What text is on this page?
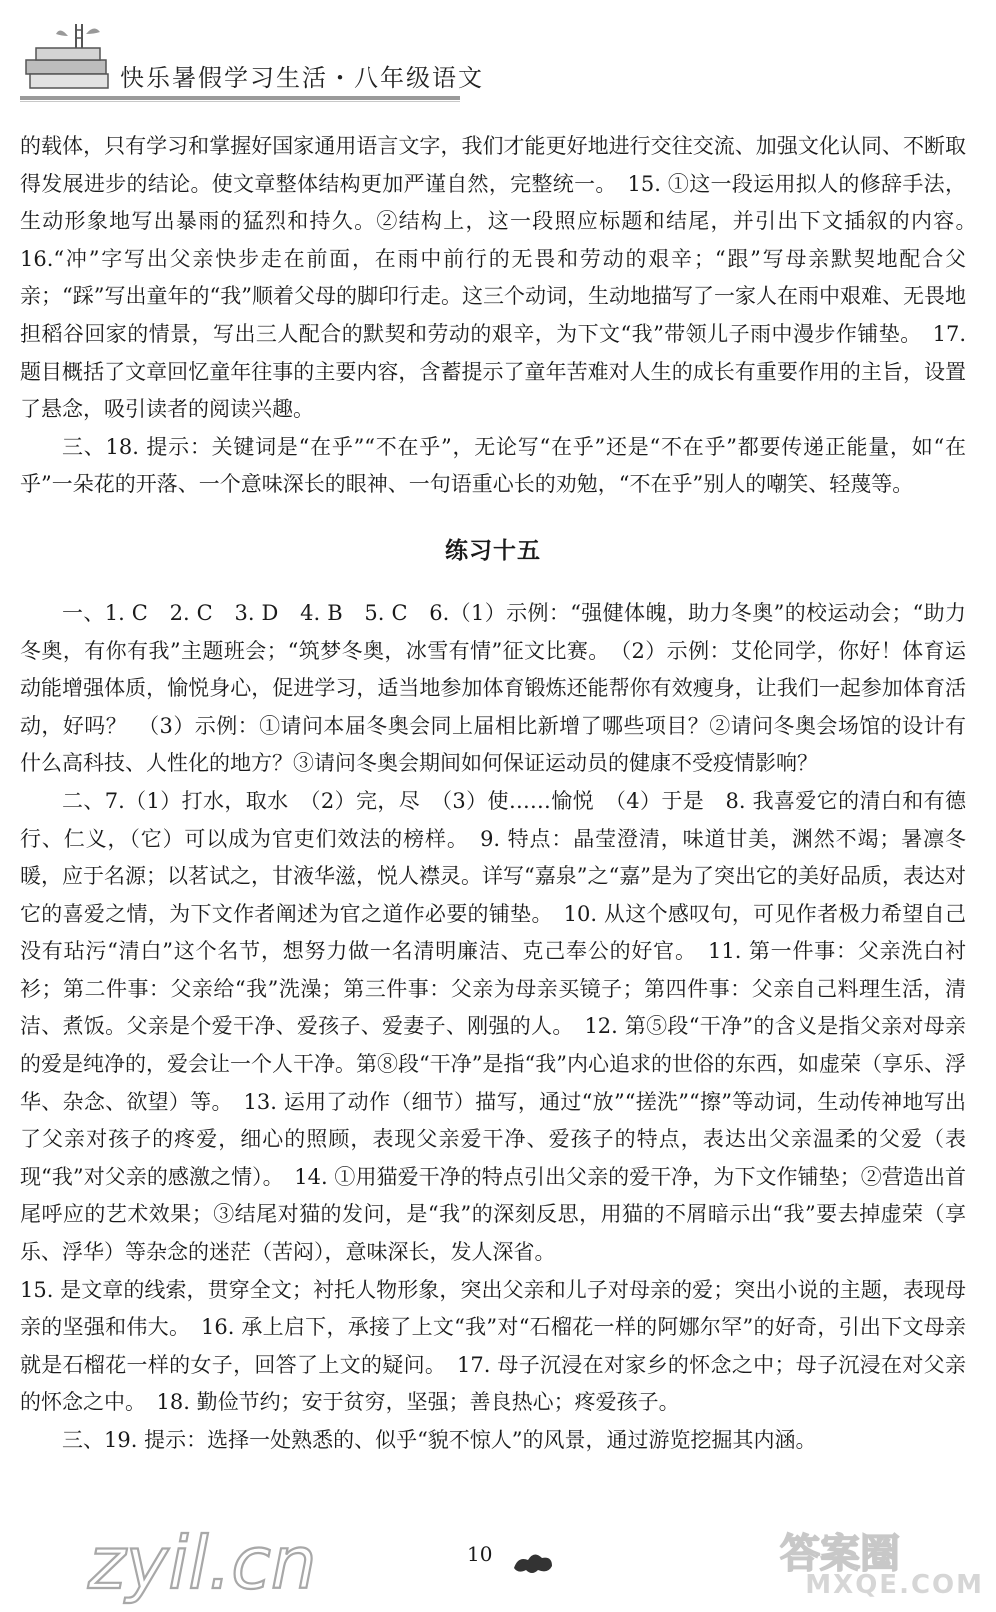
快乐暑假学习生活・八年级语文

的载体，只有学习和掌握好国家通用语言文字，我们才能更好地进行交往交流、加强文化认同、不断取得发展进步的结论。使文章整体结构更加严谨自然，完整统一。　15. ①这一段运用拟人的修辞手法，生动形象地写出暴雨的猛烈和持久。②结构上，这一段照应标题和结尾，并引出下文插叙的内容。　16.“冲”字写出父亲快步走在前面，在雨中前行的无畏和劳动的艰辛；“跟”写母亲默契地配合父亲；“踩”写出童年的“我”顺着父母的脚印行走。这三个动词，生动地描写了一家人在雨中艰难、无畏地担稻谷回家的情景，写出三人配合的默契和劳动的艰辛，为下文“我”带领儿子雨中漫步作铺垫。　17. 题目概括了文章回忆童年往事的主要内容，含蓄提示了童年苦难对人生的成长有重要作用的主旨，设置了悬念，吸引读者的阅读兴趣。

三、18. 提示：关键词是“在乎”“不在乎”，无论写“在乎”还是“不在乎”都要传递正能量，如“在乎”一朵花的开落、一个意味深长的眼神、一句语重心长的劝勉，“不在乎”别人的嘲笑、轻蔑等。

练习十五

一、1. C　2. C　3. D　4. B　5. C　6.（1）示例：“强健体魄，助力冬奥”的校运动会；“助力冬奥，有你有我”主题班会；“筑梦冬奥，冰雪有情”征文比赛。　（2）示例：艾伦同学，你好！体育运动能增强体质，愉悦身心，促进学习，适当地参加体育锻炼还能帮你有效瘦身，让我们一起参加体育活动，好吗？　（3）示例：①请问本届冬奥会同上届相比新增了哪些项目？②请问冬奥会场馆的设计有什么高科技、人性化的地方？③请问冬奥会期间如何保证运动员的健康不受疫情影响？

二、7.（1）打水，取水　（2）完，尽　（3）使……愉悦　（4）于是　8. 我喜爱它的清白和有德行、仁义，（它）可以成为官吏们效法的榜样。　9. 特点：晶莹澄清，味道甘美，渊然不竭；暑凛冬暖，应于名源；以茗试之，甘液华滋，悦人襟灵。详写“嘉泉”之“嘉”是为了突出它的美好品质，表达对它的喜爱之情，为下文作者阐述为官之道作必要的铺垫。　10. 从这个感叹句，可见作者极力希望自己没有玷污“清白”这个名节，想努力做一名清明廉洁、克己奉公的好官。　11. 第一件事：父亲洗白衬衫；第二件事：父亲给“我”洗澡；第三件事：父亲为母亲买镜子；第四件事：父亲自己料理生活，清洁、煮饭。父亲是个爱干净、爱孩子、爱妻子、刚强的人。　12. 第⑤段“干净”的含义是指父亲对母亲的爱是纯净的，爱会让一个人干净。第⑧段“干净”是指“我”内心追求的世俗的东西，如虚荣（享乐、浮华、杂念、欲望）等。　13. 运用了动作（细节）描写，通过“放”“搓洗”“擦”等动词，生动传神地写出了父亲对孩子的疼爱，细心的照顾，表现父亲爱干净、爱孩子的特点，表达出父亲温柔的父爱（表现“我”对父亲的感激之情）。　14. ①用猫爱干净的特点引出父亲的爱干净，为下文作铺垫；②营造出首尾呼应的艺术效果；③结尾对猫的发问，是“我”的深刻反思，用猫的不屑暗示出“我”要去掉虚荣（享乐、浮华）等杂念的迷茫（苦闷），意味深长，发人深省。

15. 是文章的线索，贯穿全文；衬托人物形象，突出父亲和儿子对母亲的爱；突出小说的主题，表现母亲的坚强和伟大。　16. 承上启下，承接了上文“我”对“石榴花一样的阿娜尔罕”的好奇，引出下文母亲就是石榴花一样的女子，回答了上文的疑问。　17. 母子沉浸在对家乡的怀念之中；母子沉浸在对父亲的怀念之中。　18. 勤俭节约；安于贫穷，坚强；善良热心；疼爱孩子。

三、19. 提示：选择一处熟悉的、似乎“貌不惊人”的风景，通过游览挖掘其内涵。

zyil.cn	10	答案圈
MXQE.COM
